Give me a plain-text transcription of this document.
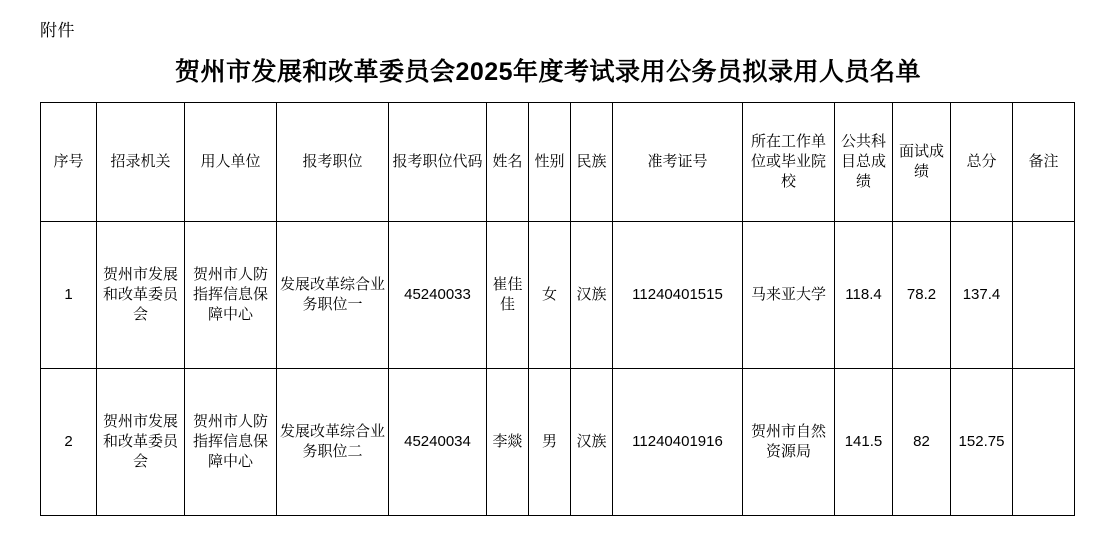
附件
贺州市发展和改革委员会2025年度考试录用公务员拟录用人员名单
序号	招录机关	用人单位	报考职位	报考职位代码	姓名	性别	民族	准考证号	所在工作单位或毕业院校	公共科目总成绩	面试成绩	总分	备注
1	贺州市发展和改革委员会	贺州市人防指挥信息保障中心	发展改革综合业务职位一	45240033	崔佳佳	女	汉族	11240401515	马来亚大学	118.4	78.2	137.4	
2	贺州市发展和改革委员会	贺州市人防指挥信息保障中心	发展改革综合业务职位二	45240034	李燚	男	汉族	11240401916	贺州市自然资源局	141.5	82	152.75	
